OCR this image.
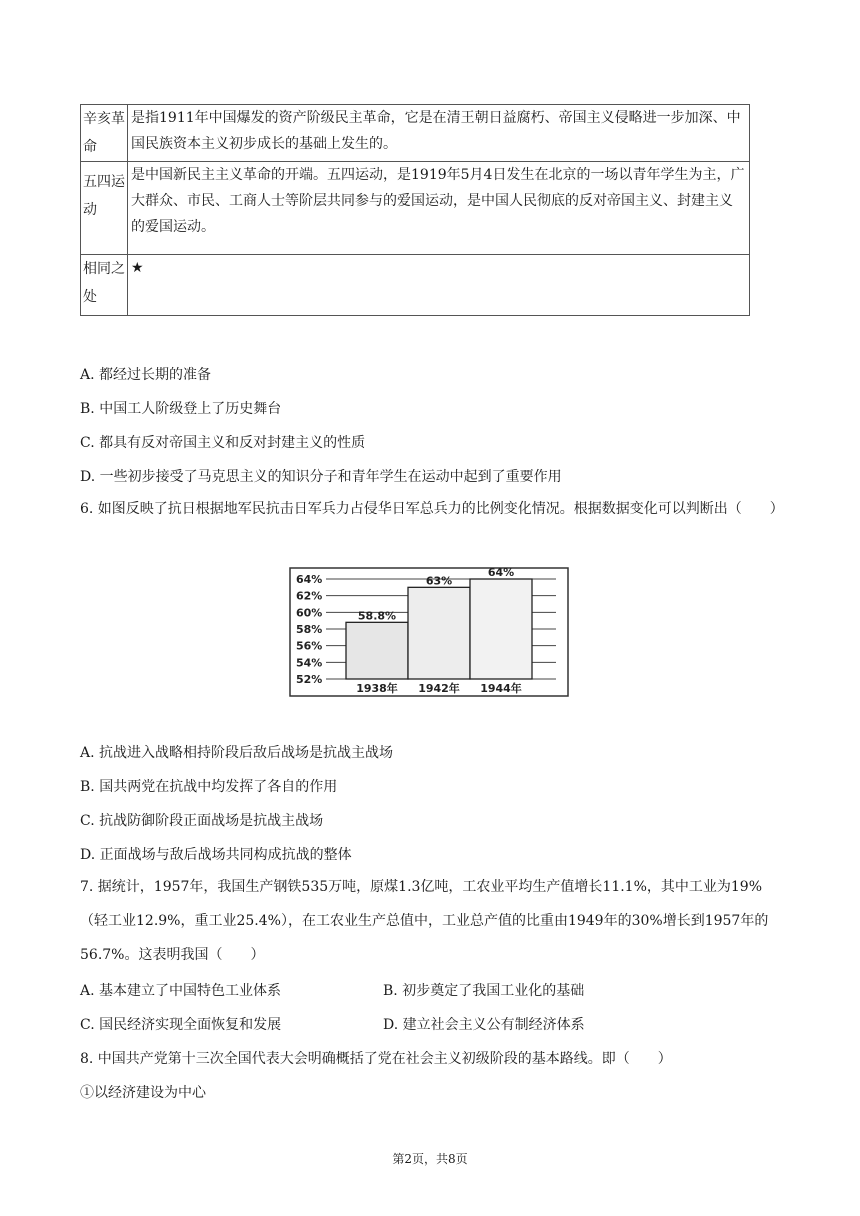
辛亥革
命	是指1911年中国爆发的资产阶级民主革命，它是在清王朝日益腐朽、帝国主义侵略进一步加深、中国民族资本主义初步成长的基础上发生的。

五四运
动	是中国新民主主义革命的开端。五四运动，是1919年5月4日发生在北京的一场以青年学生为主，广大群众、市民、工商人士等阶层共同参与的爱国运动，是中国人民彻底的反对帝国主义、封建主义的爱国运动。

相同之
处	★
A. 都经过长期的准备
B. 中国工人阶级登上了历史舞台
C. 都具有反对帝国主义和反对封建主义的性质
D. 一些初步接受了马克思主义的知识分子和青年学生在运动中起到了重要作用
6. 如图反映了抗日根据地军民抗击日军兵力占侵华日军总兵力的比例变化情况。根据数据变化可以判断出（　　）
52%
54%
56%
58%
60%
62%
64%
58.8%
1938年
63%
1942年
64%
1944年
A. 抗战进入战略相持阶段后敌后战场是抗战主战场
B. 国共两党在抗战中均发挥了各自的作用
C. 抗战防御阶段正面战场是抗战主战场
D. 正面战场与敌后战场共同构成抗战的整体
7. 据统计，1957年，我国生产钢铁535万吨，原煤1.3亿吨，工农业平均生产值增长11.1%，其中工业为19%（轻工业12.9%，重工业25.4%），在工农业生产总值中，工业总产值的比重由1949年的30%增长到1957年的56.7%。这表明我国（　　）
A. 基本建立了中国特色工业体系	B. 初步奠定了我国工业化的基础
C. 国民经济实现全面恢复和发展	D. 建立社会主义公有制经济体系
8. 中国共产党第十三次全国代表大会明确概括了党在社会主义初级阶段的基本路线。即（　　）
①以经济建设为中心
第2页，共8页
